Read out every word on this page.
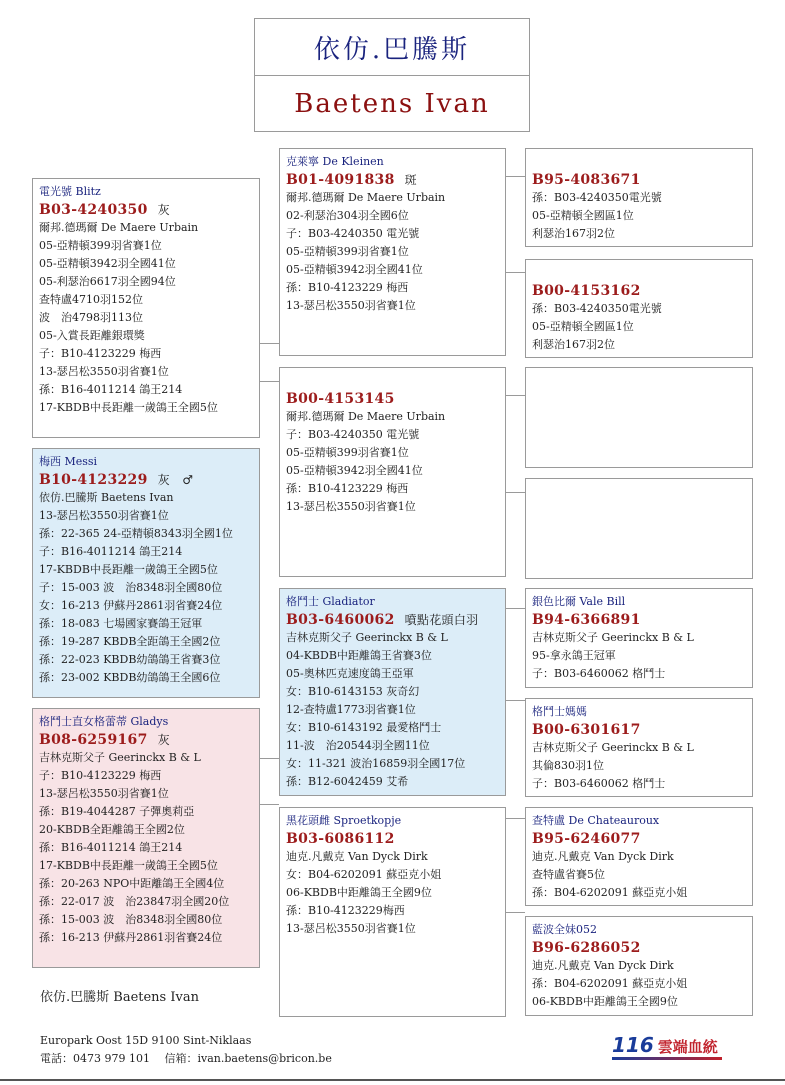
依仿.巴騰斯
Baetens Ivan
電光號 Blitz
B03-4240350 灰
爾邦.德瑪爾 De Maere Urbain
05-亞精頓399羽省賽1位
05-亞精頓3942羽全國41位
05-利瑟治6617羽全國94位
查特盧4710羽152位
波　治4798羽113位
05-入賞長距離銀環獎
子：B10-4123229 梅西
13-瑟呂松3550羽省賽1位
孫：B16-4011214 鴿王214
17-KBDB中長距離一歲鴿王全國5位
梅西 Messi
B10-4123229 灰　♂
依仿.巴騰斯 Baetens Ivan
13-瑟呂松3550羽省賽1位
孫：22-365 24-亞精頓8343羽全國1位
子：B16-4011214 鴿王214
17-KBDB中長距離一歲鴿王全國5位
子：15-003 波　治8348羽全國80位
女：16-213 伊蘇丹2861羽省賽24位
孫：18-083 七場國家賽鴿王冠軍
孫：19-287 KBDB全距鴿王全國2位
孫：22-023 KBDB幼鴿鴿王省賽3位
孫：23-002 KBDB幼鴿鴿王全國6位
格鬥士直女格蕾蒂 Gladys
B08-6259167 灰
吉林克斯父子 Geerinckx B & L
子：B10-4123229 梅西
13-瑟呂松3550羽省賽1位
孫：B19-4044287 子彈奧莉亞
20-KBDB全距離鴿王全國2位
孫：B16-4011214 鴿王214
17-KBDB中長距離一歲鴿王全國5位
孫：20-263 NPO中距離鴿王全國4位
孫：22-017 波　治23847羽全國20位
孫：15-003 波　治8348羽全國80位
孫：16-213 伊蘇丹2861羽省賽24位
克萊寧 De Kleinen
B01-4091838 斑
爾邦.德瑪爾 De Maere Urbain
02-利瑟治304羽全國6位
子：B03-4240350 電光號
05-亞精頓399羽省賽1位
05-亞精頓3942羽全國41位
孫：B10-4123229 梅西
13-瑟呂松3550羽省賽1位
B00-4153145
爾邦.德瑪爾 De Maere Urbain
子：B03-4240350 電光號
05-亞精頓399羽省賽1位
05-亞精頓3942羽全國41位
孫：B10-4123229 梅西
13-瑟呂松3550羽省賽1位
格鬥士 Gladiator
B03-6460062 噴點花頭白羽
吉林克斯父子 Geerinckx B & L
04-KBDB中距離鴿王省賽3位
05-奧林匹克速度鴿王亞軍
女：B10-6143153 灰奇幻
12-查特盧1773羽省賽1位
女：B10-6143192 最愛格鬥士
11-波　治20544羽全國11位
女：11-321 波治16859羽全國17位
孫：B12-6042459 艾希
黑花頭雌 Sproetkopje
B03-6086112
迪克.凡戴克 Van Dyck Dirk
女：B04-6202091 蘇亞克小姐
06-KBDB中距離鴿王全國9位
孫：B10-4123229梅西
13-瑟呂松3550羽省賽1位
B95-4083671
孫：B03-4240350電光號
05-亞精頓全國區1位
利瑟治167羽2位
B00-4153162
孫：B03-4240350電光號
05-亞精頓全國區1位
利瑟治167羽2位
銀色比爾 Vale Bill
B94-6366891
吉林克斯父子 Geerinckx B & L
95-拿永鴿王冠軍
子：B03-6460062 格鬥士
格鬥士媽媽
B00-6301617
吉林克斯父子 Geerinckx B & L
其倫830羽1位
子：B03-6460062 格鬥士
查特盧 De Chateauroux
B95-6246077
迪克.凡戴克 Van Dyck Dirk
查特盧省賽5位
孫：B04-6202091 蘇亞克小姐
藍波全妹052
B96-6286052
迪克.凡戴克 Van Dyck Dirk
孫：B04-6202091 蘇亞克小姐
06-KBDB中距離鴿王全國9位
依仿.巴騰斯 Baetens Ivan
Europark Oost 15D 9100 Sint-Niklaas
電話：0473 979 101　 信箱：ivan.baetens@bricon.be
116 雲端血統
